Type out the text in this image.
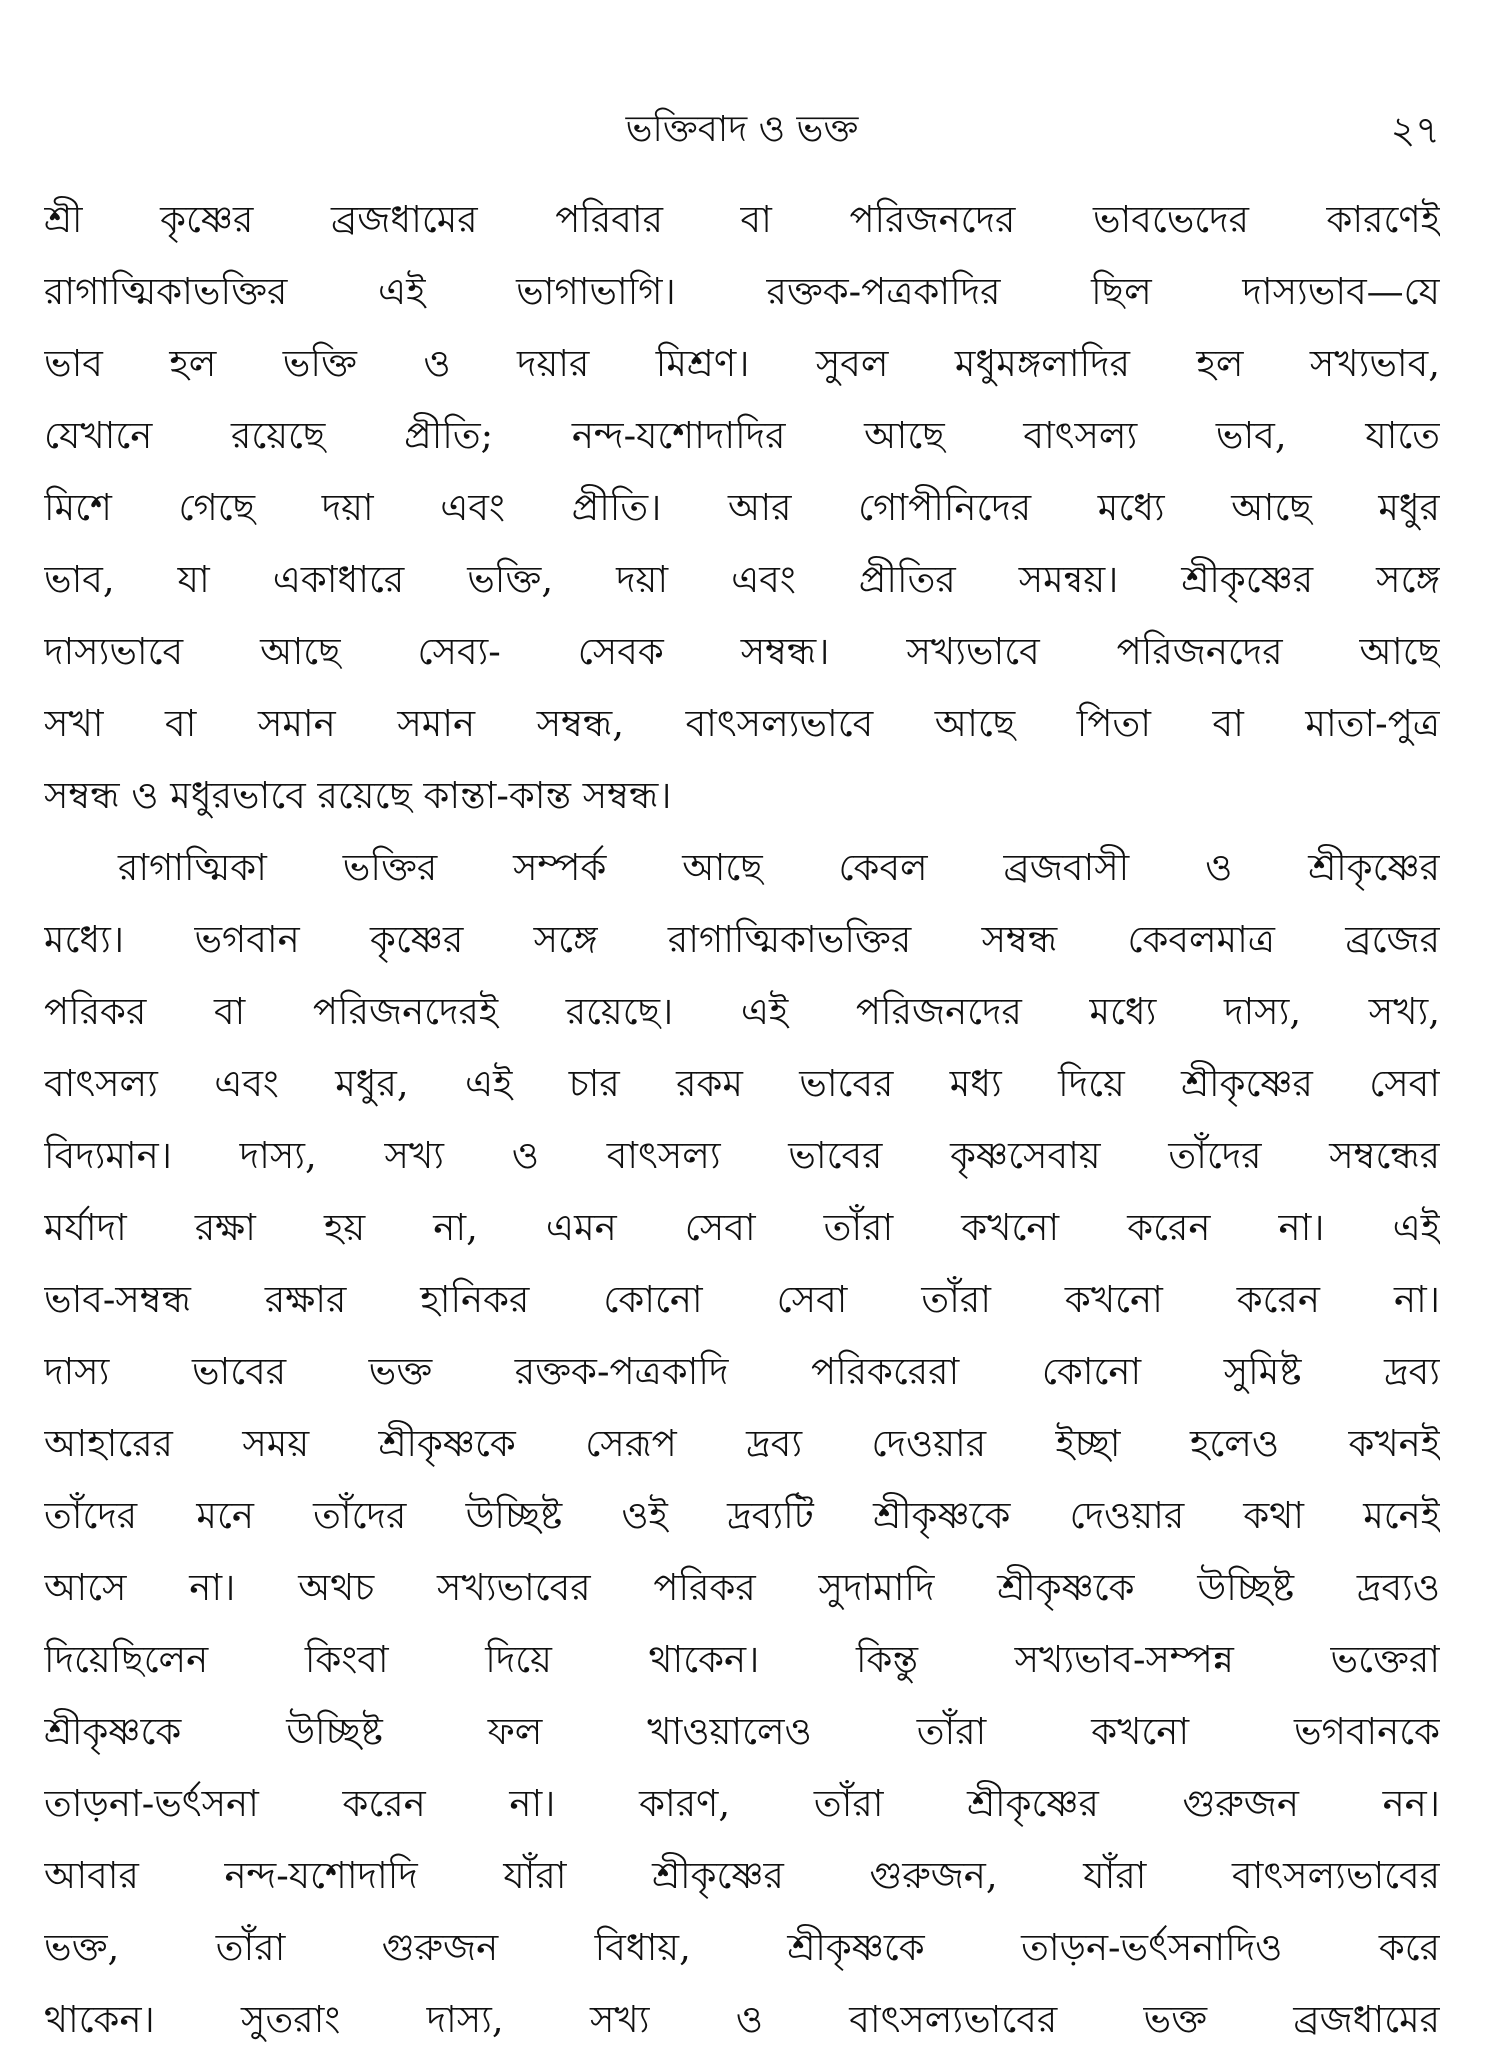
ভক্তিবাদ ও ভক্ত	২৭
শ্রী কৃষ্ণের ব্রজধামের পরিবার বা পরিজনদের ভাবভেদের কারণেই
রাগাত্মিকাভক্তির এই ভাগাভাগি। রক্তক-পত্রকাদির ছিল দাস্যভাব—যে
ভাব হল ভক্তি ও দয়ার মিশ্রণ। সুবল মধুমঙ্গলাদির হল সখ্যভাব,
যেখানে রয়েছে প্রীতি; নন্দ-যশোদাদির আছে বাৎসল্য ভাব, যাতে
মিশে গেছে দয়া এবং প্রীতি। আর গোপীনিদের মধ্যে আছে মধুর
ভাব, যা একাধারে ভক্তি, দয়া এবং প্রীতির সমন্বয়। শ্রীকৃষ্ণের সঙ্গে
দাস্যভাবে আছে সেব্য- সেবক সম্বন্ধ। সখ্যভাবে পরিজনদের আছে
সখা বা সমান সমান সম্বন্ধ, বাৎসল্যভাবে আছে পিতা বা মাতা-পুত্র
সম্বন্ধ ও মধুরভাবে রয়েছে কান্তা-কান্ত সম্বন্ধ।
রাগাত্মিকা ভক্তির সম্পর্ক আছে কেবল ব্রজবাসী ও শ্রীকৃষ্ণের
মধ্যে। ভগবান কৃষ্ণের সঙ্গে রাগাত্মিকাভক্তির সম্বন্ধ কেবলমাত্র ব্রজের
পরিকর বা পরিজনদেরই রয়েছে। এই পরিজনদের মধ্যে দাস্য, সখ্য,
বাৎসল্য এবং মধুর, এই চার রকম ভাবের মধ্য দিয়ে শ্রীকৃষ্ণের সেবা
বিদ্যমান। দাস্য, সখ্য ও বাৎসল্য ভাবের কৃষ্ণসেবায় তাঁদের সম্বন্ধের
মর্যাদা রক্ষা হয় না, এমন সেবা তাঁরা কখনো করেন না। এই
ভাব-সম্বন্ধ রক্ষার হানিকর কোনো সেবা তাঁরা কখনো করেন না।
দাস্য ভাবের ভক্ত রক্তক-পত্রকাদি পরিকরেরা কোনো সুমিষ্ট দ্রব্য
আহারের সময় শ্রীকৃষ্ণকে সেরূপ দ্রব্য দেওয়ার ইচ্ছা হলেও কখনই
তাঁদের মনে তাঁদের উচ্ছিষ্ট ওই দ্রব্যটি শ্রীকৃষ্ণকে দেওয়ার কথা মনেই
আসে না। অথচ সখ্যভাবের পরিকর সুদামাদি শ্রীকৃষ্ণকে উচ্ছিষ্ট দ্রব্যও
দিয়েছিলেন কিংবা দিয়ে থাকেন। কিন্তু সখ্যভাব-সম্পন্ন ভক্তেরা
শ্রীকৃষ্ণকে উচ্ছিষ্ট ফল খাওয়ালেও তাঁরা কখনো ভগবানকে
তাড়না-ভর্ৎসনা করেন না। কারণ, তাঁরা শ্রীকৃষ্ণের গুরুজন নন।
আবার নন্দ-যশোদাদি যাঁরা শ্রীকৃষ্ণের গুরুজন, যাঁরা বাৎসল্যভাবের
ভক্ত, তাঁরা গুরুজন বিধায়, শ্রীকৃষ্ণকে তাড়ন-ভর্ৎসনাদিও করে
থাকেন। সুতরাং দাস্য, সখ্য ও বাৎসল্যভাবের ভক্ত ব্রজধামের
